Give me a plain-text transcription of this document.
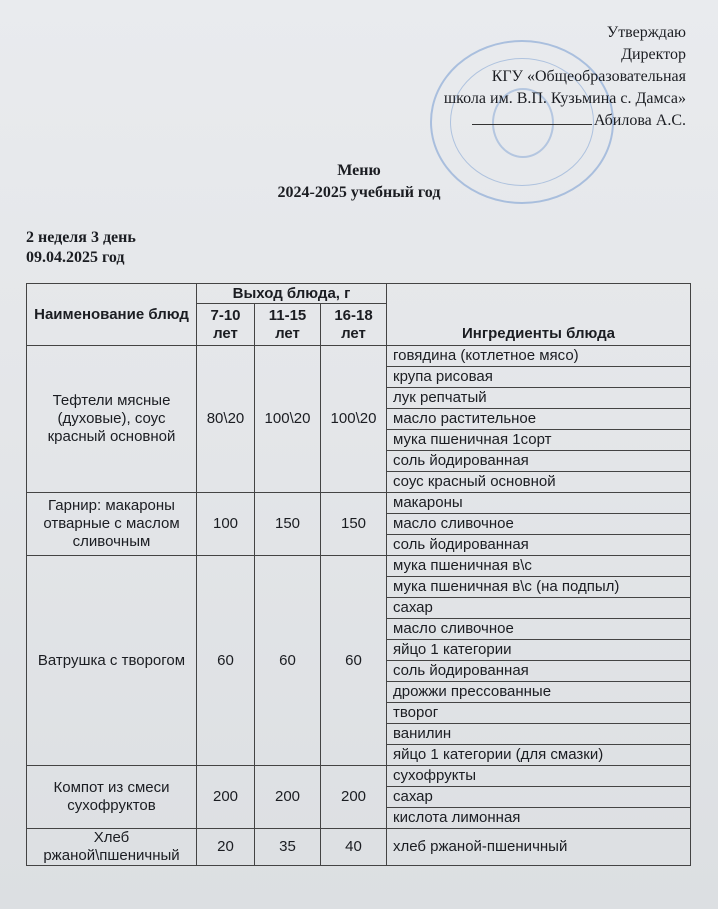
Утверждаю
Директор
КГУ «Общеобразовательная
школа им. В.П. Кузьмина с. Дамса»
Абилова А.С.
Меню
2024-2025 учебный год
2 неделя 3 день
09.04.2025 год
Наименование блюд	Выход блюда, г			Ингредиенты блюда
	7-10 лет	11-15 лет	16-18 лет	
Тефтели мясные (духовые), соус красный основной	80\20	100\20	100\20	говядина (котлетное мясо)
				крупа рисовая
				лук репчатый
				масло растительное
				мука пшеничная 1сорт
				соль йодированная
				соус красный основной
Гарнир: макароны отварные с маслом сливочным	100	150	150	макароны
				масло сливочное
				соль йодированная
Ватрушка с творогом	60	60	60	мука пшеничная в\с
				мука пшеничная в\с (на подпыл)
				сахар
				масло сливочное
				яйцо 1 категории
				соль йодированная
				дрожжи прессованные
				творог
				ванилин
				яйцо 1 категории (для смазки)
Компот из смеси сухофруктов	200	200	200	сухофрукты
				сахар
				кислота лимонная
Хлеб ржаной\пшеничный	20	35	40	хлеб ржаной-пшеничный
